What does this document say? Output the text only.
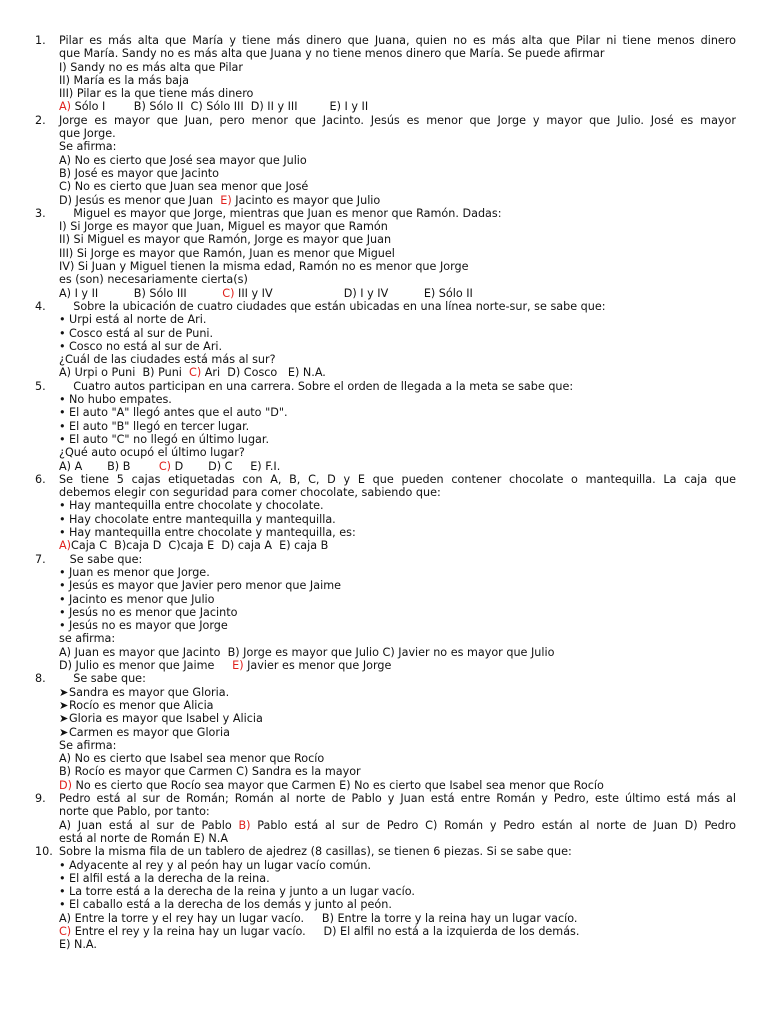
1. Pilar es más alta que María y tiene más dinero que Juana, quien no es más alta que Pilar ni tiene menos dinero
que María. Sandy no es más alta que Juana y no tiene menos dinero que María. Se puede afirmar
I) Sandy no es más alta que Pilar
II) María es la más baja
III) Pilar es la que tiene más dinero
A) Sólo I        B) Sólo II  C) Sólo III  D) II y III         E) I y II
2. Jorge es mayor que Juan, pero menor que Jacinto. Jesús es menor que Jorge y mayor que Julio. José es mayor
que Jorge.
Se afirma:
A) No es cierto que José sea mayor que Julio
B) José es mayor que Jacinto
C) No es cierto que Juan sea menor que José
D) Jesús es menor que Juan  E) Jacinto es mayor que Julio
3. Miguel es mayor que Jorge, mientras que Juan es menor que Ramón. Dadas:
I) Si Jorge es mayor que Juan, Miguel es mayor que Ramón
II) Si Miguel es mayor que Ramón, Jorge es mayor que Juan
III) Si Jorge es mayor que Ramón, Juan es menor que Miguel
IV) Si Juan y Miguel tienen la misma edad, Ramón no es menor que Jorge
es (son) necesariamente cierta(s)
A) I y II          B) Sólo III          C) III y IV                    D) I y IV          E) Sólo II
4. Sobre la ubicación de cuatro ciudades que están ubicadas en una línea norte-sur, se sabe que:
• Urpi está al norte de Ari.
• Cosco está al sur de Puni.
• Cosco no está al sur de Ari.
¿Cuál de las ciudades está más al sur?
A) Urpi o Puni  B) Puni  C) Ari  D) Cosco   E) N.A.
5. Cuatro autos participan en una carrera. Sobre el orden de llegada a la meta se sabe que:
• No hubo empates.
• El auto "A" llegó antes que el auto "D".
• El auto "B" llegó en tercer lugar.
• El auto "C" no llegó en último lugar.
¿Qué auto ocupó el último lugar?
A) A       B) B        C) D       D) C     E) F.I.
6. Se tiene 5 cajas etiquetadas con A, B, C, D y E que pueden contener chocolate o mantequilla. La caja que
debemos elegir con seguridad para comer chocolate, sabiendo que:
• Hay mantequilla entre chocolate y chocolate.
• Hay chocolate entre mantequilla y mantequilla.
• Hay mantequilla entre chocolate y mantequilla, es:
A)Caja C  B)caja D  C)caja E  D) caja A  E) caja B
7. Se sabe que:
• Juan es menor que Jorge.
• Jesús es mayor que Javier pero menor que Jaime
• Jacinto es menor que Julio
• Jesús no es menor que Jacinto
• Jesús no es mayor que Jorge
se afirma:
A) Juan es mayor que Jacinto  B) Jorge es mayor que Julio C) Javier no es mayor que Julio
D) Julio es menor que Jaime     E) Javier es menor que Jorge
8. Se sabe que:
➤Sandra es mayor que Gloria.
➤Rocío es menor que Alicia
➤Gloria es mayor que Isabel y Alicia
➤Carmen es mayor que Gloria
Se afirma:
A) No es cierto que Isabel sea menor que Rocío
B) Rocío es mayor que Carmen C) Sandra es la mayor
D) No es cierto que Rocío sea mayor que Carmen E) No es cierto que Isabel sea menor que Rocío
9. Pedro está al sur de Román; Román al norte de Pablo y Juan está entre Román y Pedro, este último está más al
norte que Pablo, por tanto:
A) Juan está al sur de Pablo B) Pablo está al sur de Pedro C) Román y Pedro están al norte de Juan D) Pedro
está al norte de Román E) N.A
10. Sobre la misma fila de un tablero de ajedrez (8 casillas), se tienen 6 piezas. Si se sabe que:
• Adyacente al rey y al peón hay un lugar vacío común.
• El alfil está a la derecha de la reina.
• La torre está a la derecha de la reina y junto a un lugar vacío.
• El caballo está a la derecha de los demás y junto al peón.
A) Entre la torre y el rey hay un lugar vacío.     B) Entre la torre y la reina hay un lugar vacío.
C) Entre el rey y la reina hay un lugar vacío.     D) El alfil no está a la izquierda de los demás.
E) N.A.
